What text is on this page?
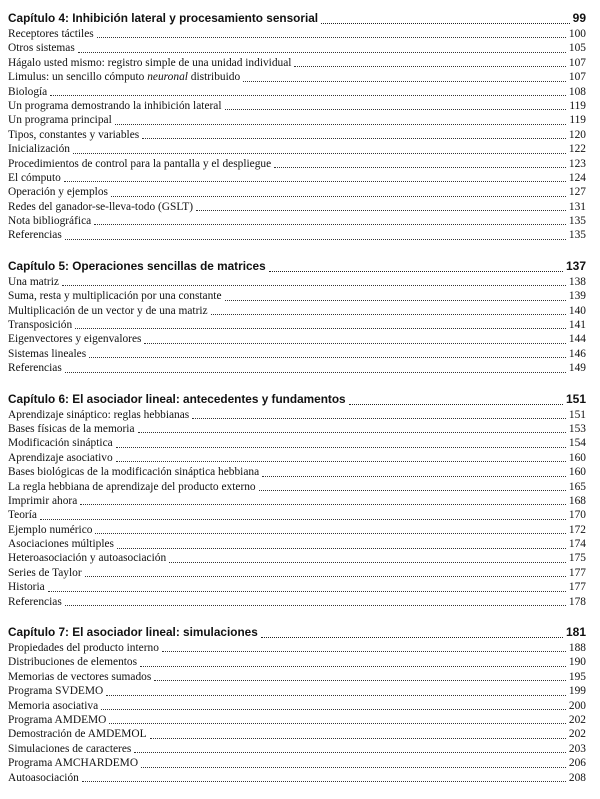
Capítulo 4: Inhibición lateral y procesamiento sensorial	99
Receptores táctiles	100
Otros sistemas	105
Hágalo usted mismo: registro simple de una unidad individual	107
Limulus: un sencillo cómputo neuronal distribuido	107
Biología	108
Un programa demostrando la inhibición lateral	119
Un programa principal	119
Tipos, constantes y variables	120
Inicialización	122
Procedimientos de control para la pantalla y el despliegue	123
El cómputo	124
Operación y ejemplos	127
Redes del ganador-se-lleva-todo (GSLT)	131
Nota bibliográfica	135
Referencias	135
Capítulo 5: Operaciones sencillas de matrices	137
Una matriz	138
Suma, resta y multiplicación por una constante	139
Multiplicación de un vector y de una matriz	140
Transposición	141
Eigenvectores y eigenvalores	144
Sistemas lineales	146
Referencias	149
Capítulo 6: El asociador lineal: antecedentes y fundamentos	151
Aprendizaje sináptico: reglas hebbianas	151
Bases físicas de la memoria	153
Modificación sináptica	154
Aprendizaje asociativo	160
Bases biológicas de la modificación sináptica hebbiana	160
La regla hebbiana de aprendizaje del producto externo	165
Imprimir ahora	168
Teoría	170
Ejemplo numérico	172
Asociaciones múltiples	174
Heteroasociación y autoasociación	175
Series de Taylor	177
Historia	177
Referencias	178
Capítulo 7: El asociador lineal: simulaciones	181
Propiedades del producto interno	188
Distribuciones de elementos	190
Memorias de vectores sumados	195
Programa SVDEMO	199
Memoria asociativa	200
Programa AMDEMO	202
Demostración de AMDEMOL	202
Simulaciones de caracteres	203
Programa AMCHARDEMO	206
Autoasociación	208
